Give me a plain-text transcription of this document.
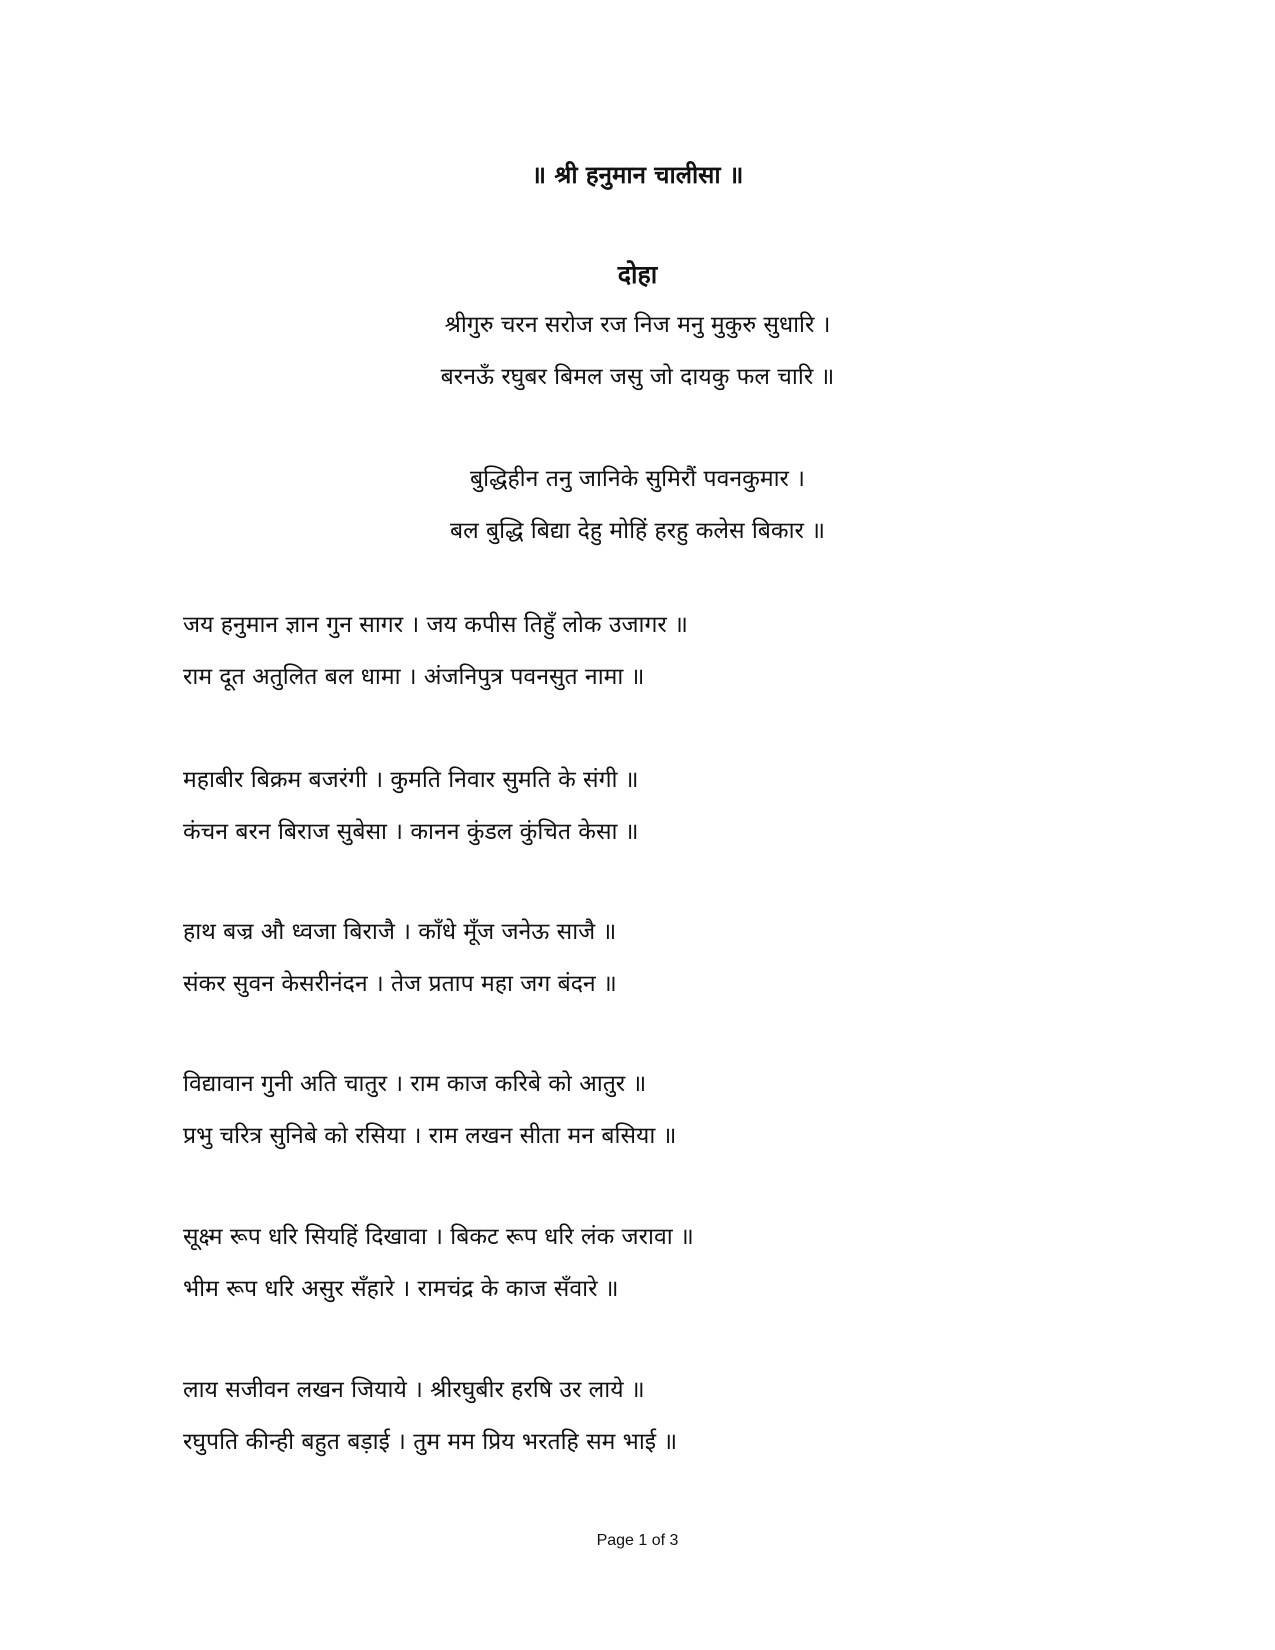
॥ श्री हनुमान चालीसा ॥
दोहा
श्रीगुरु चरन सरोज रज निज मनु मुकुरु सुधारि ।
बरनऊँ रघुबर बिमल जसु जो दायकु फल चारि ॥
बुद्धिहीन तनु जानिके सुमिरौं पवनकुमार ।
बल बुद्धि बिद्या देहु मोहिं हरहु कलेस बिकार ॥
जय हनुमान ज्ञान गुन सागर । जय कपीस तिहुँ लोक उजागर ॥
राम दूत अतुलित बल धामा । अंजनिपुत्र पवनसुत नामा ॥
महाबीर बिक्रम बजरंगी । कुमति निवार सुमति के संगी ॥
कंचन बरन बिराज सुबेसा । कानन कुंडल कुंचित केसा ॥
हाथ बज्र औ ध्वजा बिराजै । काँधे मूँज जनेऊ साजै ॥
संकर सुवन केसरीनंदन । तेज प्रताप महा जग बंदन ॥
विद्यावान गुनी अति चातुर । राम काज करिबे को आतुर ॥
प्रभु चरित्र सुनिबे को रसिया । राम लखन सीता मन बसिया ॥
सूक्ष्म रूप धरि सियहिं दिखावा । बिकट रूप धरि लंक जरावा ॥
भीम रूप धरि असुर सँहारे । रामचंद्र के काज सँवारे ॥
लाय सजीवन लखन जियाये । श्रीरघुबीर हरषि उर लाये ॥
रघुपति कीन्ही बहुत बड़ाई । तुम मम प्रिय भरतहि सम भाई ॥
Page 1 of 3
